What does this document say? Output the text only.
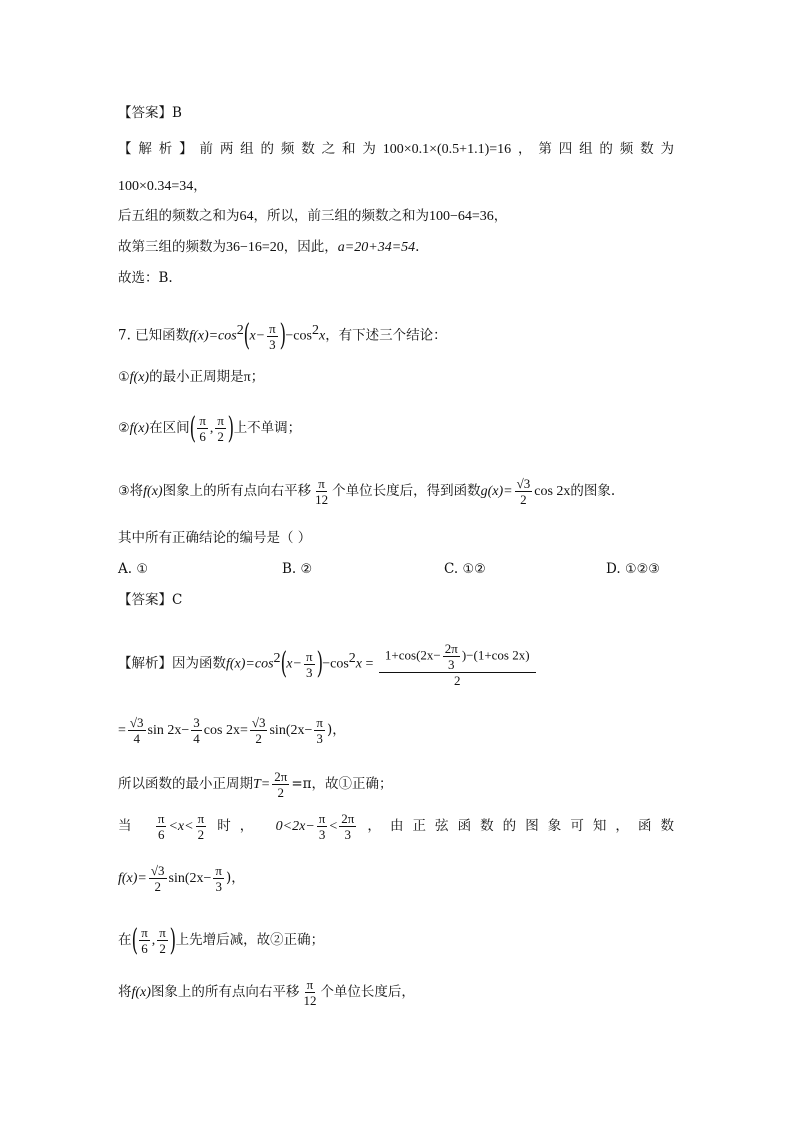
【答案】B
【解析】前两组的频数之和为100×0.1×(0.5+1.1)=16，第四组的频数为
100×0.34=34，
后五组的频数之和为64，所以，前三组的频数之和为100−64=36，
故第三组的频数为36−16=20，因此，a=20+34=54.
故选：B.
7. 已知函数$f(x)=\cos^2(x- \frac{\pi}{3} )-\cos^2x$，有下述三个结论：
①f(x)的最小正周期是π；
②f(x)在区间( $\frac{\pi}{6}$ , $\frac{\pi}{2}$ )上不单调；
③将f(x)图象上的所有点向右平移 $\frac{\pi}{12}$ 个单位长度后，得到函数$g(x)= \frac{√3}{2}$ cos 2x的图象.
其中所有正确结论的编号是（ ）
A. ①	B. ②	C. ①②	D. ①②③
【答案】C
【解析】因为函数$f(x)=\cos^2(x- \frac{\pi}{3} )-\cos^2x = \frac{1+\cos(2x- \frac{2\pi}{3} )-(1+\cos 2x)}{2}$
= $\frac{√3}{4}$ $\sin 2x- \frac{3}{4}$ $\cos 2x= \frac{√3}{2} \sin(2x- \frac{\pi}{3}$ )，
所以函数的最小正周期$T= \frac{2\pi}{2} =\pi$，故①正确；
当 $\frac{\pi}{6} <x< \frac{\pi}{2}$ 时， $0<2x- \frac{\pi}{3} < \frac{2\pi}{3}$ ，由正弦函数的图象可知，函数
$f(x)= \frac{√3}{2} \sin(2x- \frac{\pi}{3}$ )，
在( $\frac{\pi}{6}$ , $\frac{\pi}{2}$ )上先增后减，故②正确；
将f(x)图象上的所有点向右平移 $\frac{\pi}{12}$ 个单位长度后，
